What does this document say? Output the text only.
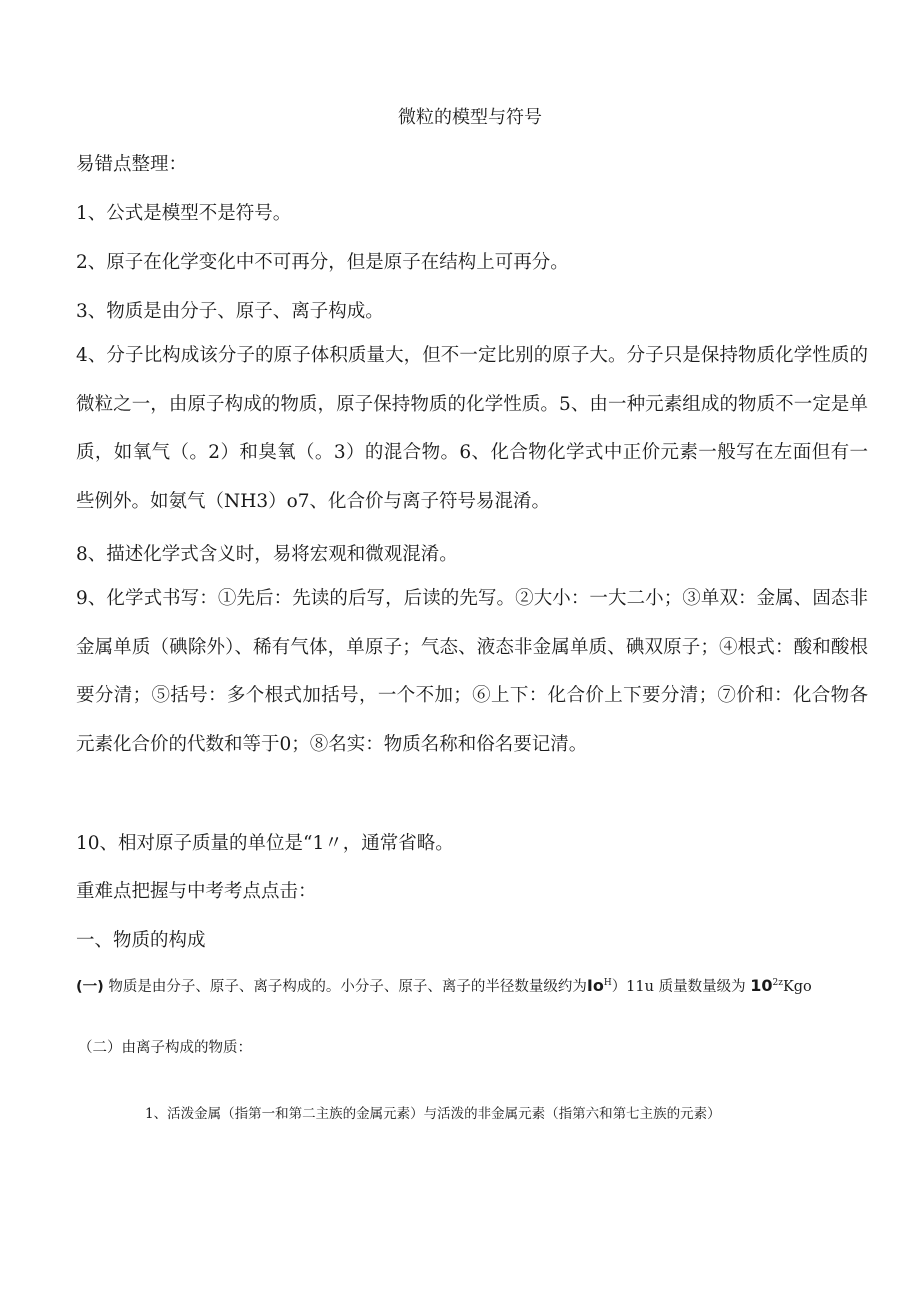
微粒的模型与符号
易错点整理：
1、公式是模型不是符号。
2、原子在化学变化中不可再分，但是原子在结构上可再分。
3、物质是由分子、原子、离子构成。
4、分子比构成该分子的原子体积质量大，但不一定比别的原子大。分子只是保持物质化学性质的微粒之一，由原子构成的物质，原子保持物质的化学性质。5、由一种元素组成的物质不一定是单质，如氧气（。2）和臭氧（。3）的混合物。6、化合物化学式中正价元素一般写在左面但有一些例外。如氨气（NH3）o7、化合价与离子符号易混淆。
8、描述化学式含义时，易将宏观和微观混淆。
9、化学式书写：①先后：先读的后写，后读的先写。②大小：一大二小；③单双：金属、固态非金属单质（碘除外）、稀有气体，单原子；气态、液态非金属单质、碘双原子；④根式：酸和酸根要分清；⑤括号：多个根式加括号，一个不加；⑥上下：化合价上下要分清；⑦价和：化合物各元素化合价的代数和等于0；⑧名实：物质名称和俗名要记清。
10、相对原子质量的单位是“1〃，通常省略。
重难点把握与中考考点点击：
一、物质的构成
(一) 物质是由分子、原子、离子构成的。小分子、原子、离子的半径数量级约为$Io^H)11u$ 质量数量级为 $10^{2z}Kgo$
（二）由离子构成的物质：
1、活泼金属（指第一和第二主族的金属元素）与活泼的非金属元素（指第六和第七主族的元素）
